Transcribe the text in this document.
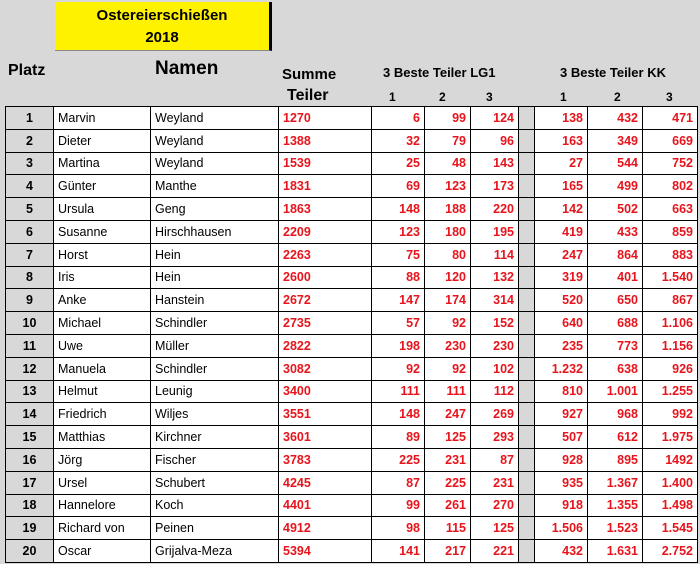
Ostereierschießen
2018
Platz	Namen	Summe
Teiler
3 Beste Teiler LG1	3 Beste Teiler KK
1	2	3	1	2	3
1	Marvin	Weyland	1270	6	99	124		138	432	471
2	Dieter	Weyland	1388	32	79	96		163	349	669
3	Martina	Weyland	1539	25	48	143		27	544	752
4	Günter	Manthe	1831	69	123	173		165	499	802
5	Ursula	Geng	1863	148	188	220		142	502	663
6	Susanne	Hirschhausen	2209	123	180	195		419	433	859
7	Horst	Hein	2263	75	80	114		247	864	883
8	Iris	Hein	2600	88	120	132		319	401	1.540
9	Anke	Hanstein	2672	147	174	314		520	650	867
10	Michael	Schindler	2735	57	92	152		640	688	1.106
11	Uwe	Müller	2822	198	230	230		235	773	1.156
12	Manuela	Schindler	3082	92	92	102		1.232	638	926
13	Helmut	Leunig	3400	111	111	112		810	1.001	1.255
14	Friedrich	Wiljes	3551	148	247	269		927	968	992
15	Matthias	Kirchner	3601	89	125	293		507	612	1.975
16	Jörg	Fischer	3783	225	231	87		928	895	1492
17	Ursel	Schubert	4245	87	225	231		935	1.367	1.400
18	Hannelore	Koch	4401	99	261	270		918	1.355	1.498
19	Richard von	Peinen	4912	98	115	125		1.506	1.523	1.545
20	Oscar	Grijalva-Meza	5394	141	217	221		432	1.631	2.752
